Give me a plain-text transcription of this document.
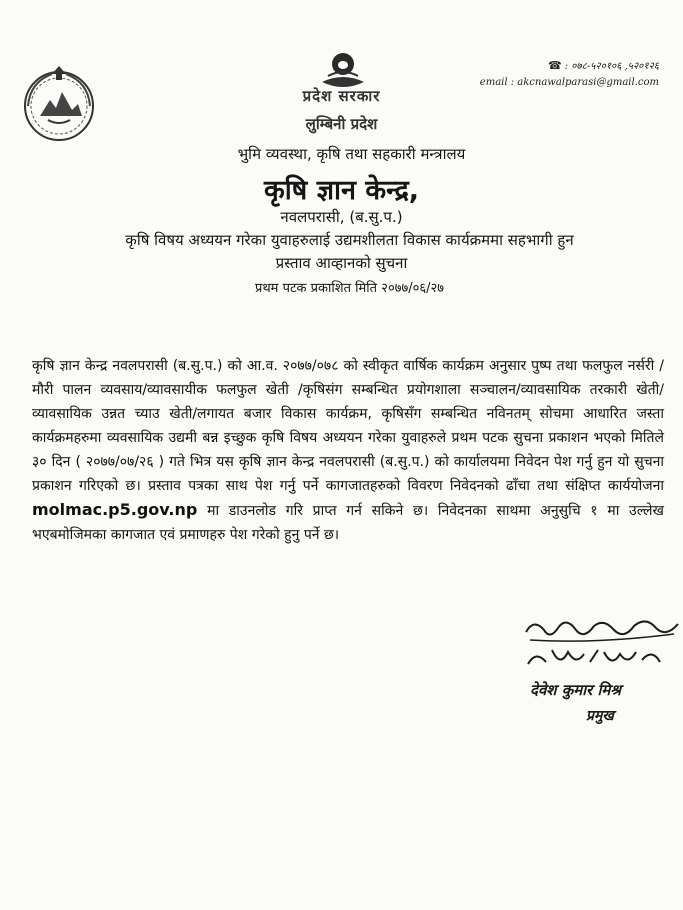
☎ : ०७८-५२०१०६ ,५२०१२६
email : akcnawalparasi@gmail.com
प्रदेश सरकार
लुम्बिनी प्रदेश
भुमि व्यवस्था, कृषि तथा सहकारी मन्त्रालय
कृषि ज्ञान केन्द्र,
नवलपरासी, (ब.सु.प.)
कृषि विषय अध्ययन गरेका युवाहरुलाई उद्यमशीलता विकास कार्यक्रममा सहभागी हुन
प्रस्ताव आव्हानको सुचना
प्रथम पटक प्रकाशित मिति २०७७/०६/२७
कृषि ज्ञान केन्द्र नवलपरासी (ब.सु.प.) को आ.व. २०७७/०७८ को स्वीकृत वार्षिक कार्यक्रम अनुसार पुष्प तथा फलफुल नर्सरी /मौरी पालन व्यवसाय/व्यावसायीक फलफुल खेती /कृषिसंग सम्बन्धित प्रयोगशाला सञ्चालन/व्यावसायिक तरकारी खेती/व्यावसायिक उन्नत च्याउ खेती/लगायत बजार विकास कार्यक्रम, कृषिसँग सम्बन्धित नविनतम् सोचमा आधारित जस्ता कार्यक्रमहरुमा व्यवसायिक उद्यमी बन्न इच्छुक कृषि विषय अध्ययन गरेका युवाहरुले प्रथम पटक सुचना प्रकाशन भएको मितिले ३० दिन ( २०७७/०७/२६ ) गते भित्र यस कृषि ज्ञान केन्द्र नवलपरासी (ब.सु.प.) को कार्यालयमा निवेदन पेश गर्नु हुन यो सुचना प्रकाशन गरिएको छ। प्रस्ताव पत्रका साथ पेश गर्नु पर्ने कागजातहरुको विवरण निवेदनको ढाँचा तथा संक्षिप्त कार्ययोजना molmac.p5.gov.np मा डाउनलोड गरि प्राप्त गर्न सकिने छ। निवेदनका साथमा अनुसुचि १ मा उल्लेख भएबमोजिमका कागजात एवं प्रमाणहरु पेश गरेको हुनु पर्ने छ।
देवेश कुमार मिश्र
प्रमुख
